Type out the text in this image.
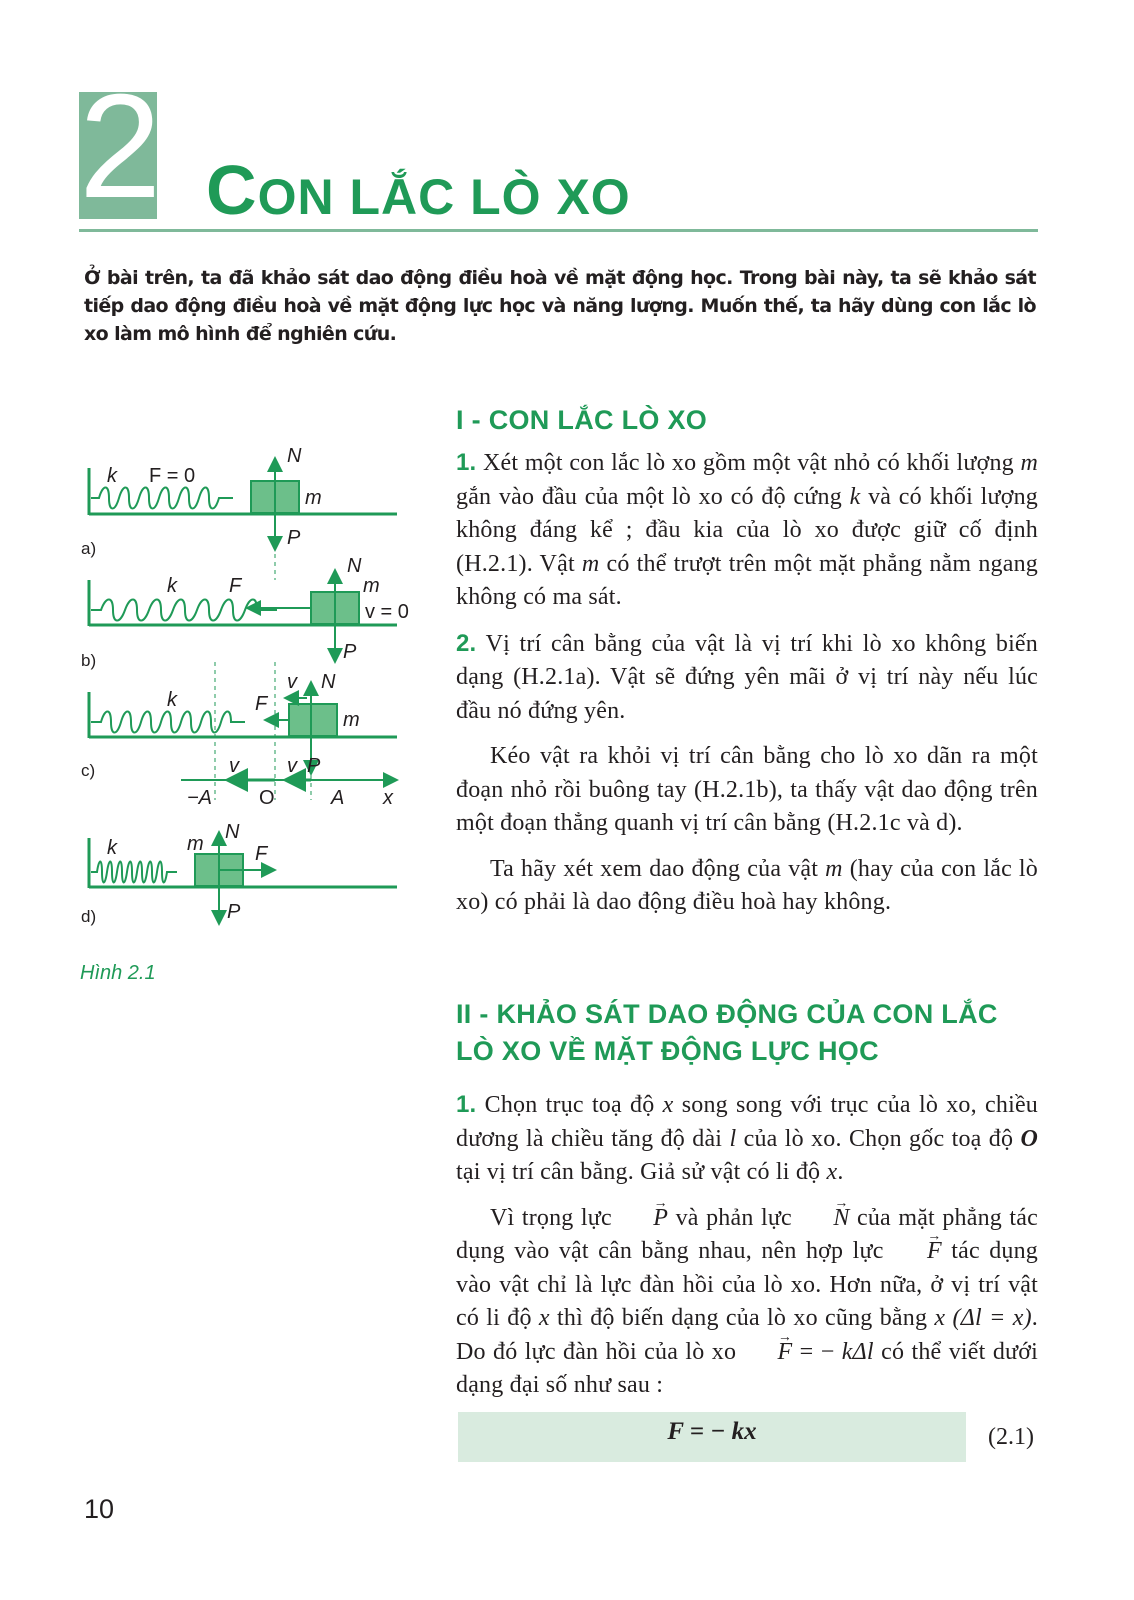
2 CON LẮC LÒ XO
Ở bài trên, ta đã khảo sát dao động điều hoà về mặt động học. Trong bài này, ta sẽ khảo sát tiếp dao động điều hoà về mặt động lực học và năng lượng. Muốn thế, ta hãy dùng con lắc lò xo làm mô hình để nghiên cứu.
k F = 0
N
m
P
a)
k	F
N
m
v = 0
P
b)
k	F
v N
m
c)	v v P
−A O	A x
k	m
N
F
P
d)
Hình 2.1
I - CON LẮC LÒ XO

1. Xét một con lắc lò xo gồm một vật nhỏ có khối lượng m gắn vào đầu của một lò xo có độ cứng k và có khối lượng không đáng kể ; đầu kia của lò xo được giữ cố định (H.2.1). Vật m có thể trượt trên một mặt phẳng nằm ngang không có ma sát.

2. Vị trí cân bằng của vật là vị trí khi lò xo không biến dạng (H.2.1a). Vật sẽ đứng yên mãi ở vị trí này nếu lúc đầu nó đứng yên.

Kéo vật ra khỏi vị trí cân bằng cho lò xo dãn ra một đoạn nhỏ rồi buông tay (H.2.1b), ta thấy vật dao động trên một đoạn thẳng quanh vị trí cân bằng (H.2.1c và d).

Ta hãy xét xem dao động của vật m (hay của con lắc lò xo) có phải là dao động điều hoà hay không.

II - KHẢO SÁT DAO ĐỘNG CỦA CON LẮC LÒ XO VỀ MẶT ĐỘNG LỰC HỌC

1. Chọn trục toạ độ x song song với trục của lò xo, chiều dương là chiều tăng độ dài l của lò xo. Chọn gốc toạ độ O tại vị trí cân bằng. Giả sử vật có li độ x.

Vì trọng lực → P và phản lực → N của mặt phẳng tác dụng vào vật cân bằng nhau, nên hợp lực → F tác dụng vào vật chỉ là lực đàn hồi của lò xo. Hơn nữa, ở vị trí vật có li độ x thì độ biến dạng của lò xo cũng bằng x (Δl = x). Do đó lực đàn hồi của lò xo → F = − kΔl có thể viết dưới dạng đại số như sau :

F = − kx	(2.1)
10
